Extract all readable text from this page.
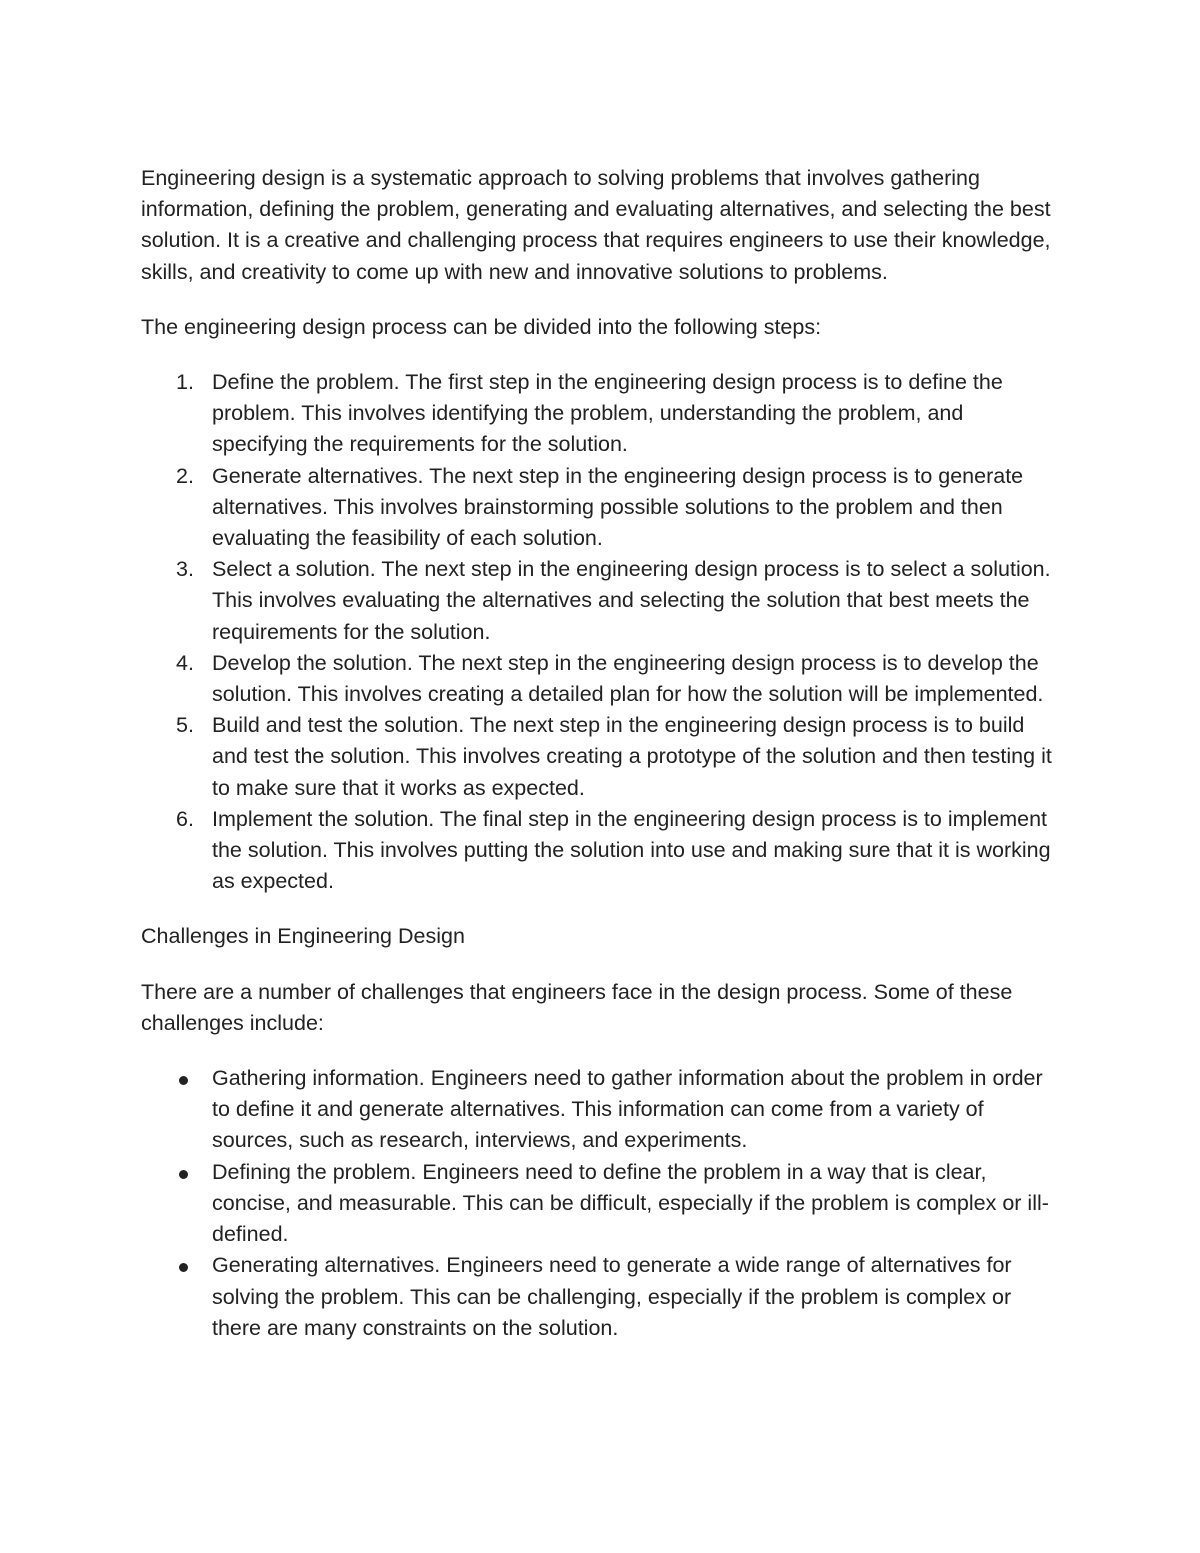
Engineering design is a systematic approach to solving problems that involves gathering information, defining the problem, generating and evaluating alternatives, and selecting the best solution. It is a creative and challenging process that requires engineers to use their knowledge, skills, and creativity to come up with new and innovative solutions to problems.

The engineering design process can be divided into the following steps:

1. Define the problem. The first step in the engineering design process is to define the problem. This involves identifying the problem, understanding the problem, and specifying the requirements for the solution.
2. Generate alternatives. The next step in the engineering design process is to generate alternatives. This involves brainstorming possible solutions to the problem and then evaluating the feasibility of each solution.
3. Select a solution. The next step in the engineering design process is to select a solution. This involves evaluating the alternatives and selecting the solution that best meets the requirements for the solution.
4. Develop the solution. The next step in the engineering design process is to develop the solution. This involves creating a detailed plan for how the solution will be implemented.
5. Build and test the solution. The next step in the engineering design process is to build and test the solution. This involves creating a prototype of the solution and then testing it to make sure that it works as expected.
6. Implement the solution. The final step in the engineering design process is to implement the solution. This involves putting the solution into use and making sure that it is working as expected.

Challenges in Engineering Design

There are a number of challenges that engineers face in the design process. Some of these challenges include:

Gathering information. Engineers need to gather information about the problem in order to define it and generate alternatives. This information can come from a variety of sources, such as research, interviews, and experiments.
Defining the problem. Engineers need to define the problem in a way that is clear, concise, and measurable. This can be difficult, especially if the problem is complex or ill-defined.
Generating alternatives. Engineers need to generate a wide range of alternatives for solving the problem. This can be challenging, especially if the problem is complex or there are many constraints on the solution.
